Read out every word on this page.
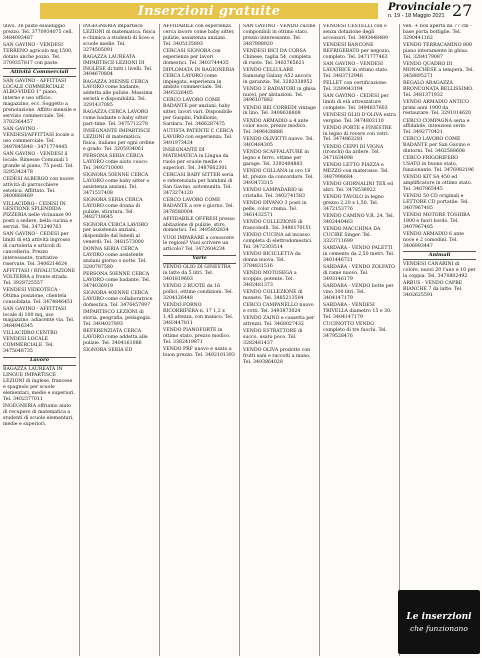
Inserzioni gratuite	Provinciale
n. 19 - 18 Maggio 2021 27

ulivo, 36 paste esaudiggio prezzo. Tel. 3770934075 cell. 3484093487

SAN GAVINO - VENDESI TERRENO agricolo mq 1500, dotato anche pozzo. Tel. 3709357817 con paste.

Attività Commerciali

SAN GAVINO - AFFITTASI LOCALE COMMERCIALE ALBO-VIDEO 1° piano, interno e uso ufficio, magazzino, ecc. Soggetto a prenotazione. Affitto mensile e servizio commerciale. Tel. 3702364457

SAN GAVINO - VENDESI/AFFITTASI locale a uso commerciale. Tel. 3487845848 - 3471774445

SAN GAVINO - VENDESI il locale. Rimesse Comunali 1 grande al piano, 75 posti. Tel. 3295342478

CEDESI ALBERGO con nuove attività di parrucchiere estetica. Affittato. Tel. 3400868469

VILLACIDRO - CEDESI IN GESTIONE SPLENDIDA PIZZERIA nelle vicinanze 90 posti a sedere, bella cucina e servizi. Tel. 3472240763

SAN GAVINO - CEDESI per limiti di età attività ingrosso di cartoleria e articoli di cancelleria. Prezzo interessante, trattative riservate. Tel. 3406214624

AFFITTASI / RIVALUTAZIONE VOLTERRA a fronte strada. Tel. 3928725557

VENDESI VIDEOTECA - Ottima posizione, clientela consolidata. Tel. 3474846451

SAN GAVINO - AFFITTASI locale di 100 mq, uso magazzino, adiacente via. Tel. 3484946345

VILLACIDRO CENTRO VENDESI LOCALE COMMERCIALE. Tel. 3475048735

Lavoro

RAGAZZA LAUREATA IN LINGUE IMPARTISCE LEZIONI di inglese, francese e spagnolo per scuole elementari, medie e superiori. Tel. 3402377011

INGEGNERIA offriamo aiuto di recupero di matematica a studenti di scuole elementari, medie e superiori.

INGEGNERIA impartisce LEZIONI di matematica, fisica e chimica a studenti di liceo e scuole medie. Tel. 3274505091

RAGAZZA LAUREATA IMPARTISCE LEZIONI DI INGLESE di tutti i livelli. Tel. 3494670804

RAGAZZA 30ENNE CERCA LAVORO come badante, addetta alle pulizie. Massima serietà e disponibilità. Tel. 3291437085

RAGAZZA CERCA LAVORO come badante o baby sitter part-time. Tel. 3475712278

INSEGNANTE IMPARTISCE LEZIONI di matematica, fisica, italiano per ogni ordine e grado. Tel. 3205934061

PERSONA SERIA CERCA LAVORO come aiuto cuoco. Tel. 3492710000

SIGNORA 50ENNE CERCA LAVORO come baby sitter o assistenza anziani. Tel. 3471537408

SIGNORA SERIA CERCA LAVORO come donna di pulizie, stiratura. Tel. 3482718645

SIGNORA CERCA LAVORO per assistenza anziani, disponibile dal lunedì al venerdì. Tel. 3481573000

DONNA SERIA CERCA LAVORO come assistente anziani giorno o notte. Tel. 3280787580

PERSONA 50ENNE CERCA LAVORO come badante. Tel. 3474036919

SIGNORA 40ENNE CERCA LAVORO come collaboratrice domestica. Tel. 3476457897

IMPARTISCO LEZIONI di storia, geografia, pedagogia. Tel. 3404037893

REFERENZIATA CERCA LAVORO come addetta alle pulizie. Tel. 3404161086

SIGNORA SERIA ED

AFFIDABILE con esperienza cerca lavoro come baby sitter, pulizie, assistenza anziani. Tel. 3405135893

CERCASI SIGNORA con esperienza per lavori domestici. Tel. 3403744435

DIPLOMATA IN RAGIONERIA CERCA LAVORO come impiegata, esperienza in ambito commerciale. Tel. 3495326405

CERCO LAVORO COME BADANTE per anziani, baby sitter, lavori vari. Disponibile per Guspini, Pabillonis, Sardara. Tel. 3466287475

AUTISTA PATENTE C CERCA LAVORO con esperienza. Tel. 3491973424

INSEGNANTE DI MATEMATICA in Lingua da ruolo per scuole medie e superiori. Tel. 3487662301

CERCASI BABY SITTER seria e referenziata per bambini di San Gavino, automunita. Tel. 3473274120

CERCO LAVORO COME BADANTE a ore o giorno. Tel. 3478580004

AFFIDABILE OFFRESI presso abitazione di pulizie, stiro, domestici. Tel. 3495802834

VUOI IMPARARE a conoscere le regioni? Vuoi scrivere un articolo? Tel. 3472604234

Varie

VENDO OLIO DI GINESTRA in latte da 5 litri. Tel. 3401819603

VENDO 2 RUOTE da 16 pollici, ottime condizioni. Tel. 3204126448

VENDO FORNO RICORRIFERA n. 17 1,2 x 1,45 altezza, con manico. Tel. 3483447811

VENDO PIANOFORTE in ottimo stato, prezzo modico. Tel. 3382419871

VENDO PRF nuovo e usato a buon prezzo. Tel. 3492101393

SAN GAVINO - VENDO cucine componibili in ottimo stato, prezzo interessante. Tel. 3487898920

VENDESI BICI DA CORSA Chinese, taglia 54, completa di ruote. Tel. 3483765621

VENDO CELLULARE Samsung Galaxy A52 ancora in garanzia. Tel. 3282338952

VENDO 2 RADIATORI in ghisa nuovi, per abitazioni. Tel. 3496107882

VENDO BEI CORREDI vintage in lino. Tel. 3408638808

VENDO ARMADIO a 4 ante color noce, prezzo modico. Tel. 3496438886

VENDO OLIVETTI nuovo. Tel. 3403484305

VENDO SCAFFALATURE in legno e ferro, ottime per garage. Tel. 3392404883

VENDO COLLANA in oro 18 kt, prezzo da concordare. Tel. 3493473315

VENDO LAMPADARIO in cristallo. Tel. 3402741583

VENDO DIVANO 3 posti in pelle, color crema. Tel. 3461432571

VENDO COLLEZIONE di francobolli. Tel. 3486170151

VENDO CUCINA ad incasso completa di elettrodomestici. Tel. 3472303514

VENDO BICICLETTA da donna nuova. Tel. 3784831516

VENDO MOTOSEGA a scoppio, potente. Tel. 3402481373

VENDO COLLEZIONE di monete. Tel. 3485213504

CERCO CAMPANELLO nuovo e rotti. Tel. 3493873024

VENDO ZAINO e cassetta per attrezzi. Tel. 3468027432

VENDO ESTRATTORE di succo, usato poco. Tel. 3282481437

VENDO OLIVA prodotto con frutti sani e raccolti a mano. Tel. 3493864028

VENDESI CESTELLI con o senza dotazione degli accessori. Tel. 3493448489

VENDESI BANCONE REFRIGERATO per negozio, completo. Tel. 3471777463

SAN GAVINO - VENDESI LAVATRICE in ottimo stato. Tel. 3483712946

PELLET con certificazione. Tel. 3289043194

SAN GAVINO - CEDESI per limiti di età attrezzature complete. Tel. 3494837603

VENDESI OLIO D'OLIVA extra vergine. Tel. 3474803110

VENDO PORTE e FINESTRE in legno di rovere con vetri. Tel. 3474863281

VENDO CEPPI DI VIGNA (tronchi) da ardere. Tel. 3471834898

VENDO LETTO PIAZZA e MEZZO con materasso. Tel. 3487998684

VENDO GIORNALINI TEX ed altri. Tel. 3478538922

VENDO TAVOLO in legno grezzo 2,20 x 1,50. Tel. 3472153776

VENDO CAMINO V.R. 24. Tel. 3402440463

VENDO MACCHINA DA CUCIRE Singer. Tel. 3323711699

SARDARA - VENDO PALETTI in cemento da 2,50 metri. Tel. 3401446721

SARDARA - VENDO ZOLFATO di rame nuovo. Tel. 3493146179

SARDARA - VENDO botte per vino 300 litri. Tel. 3404147179

SARDARA - VENDESI TRIVELLA diametro 15 e 30. Tel. 3404147179

CUCINOTTO VENDO completo di tre fuochi. Tel. 3479528476

ven. + box aperta da 77 cm - base porta bottiglie. Tel. 3290441162

VENDO TERRACAMINO 800 piano interamente in ghisa. Tel. 3284179087

VENDO QUADRO DI MONACHESE a tempera. Tel. 3458895271

REGALO ARAGAZZA BRONCONATA BELLISSIMO. Tel. 3481371932

VENDO ARMADIO ANTICO primi anni 1900 da restaurare. Tel. 3291014620

CERCO COMPAGNA seria e affidabile, intenzioni serie. Tel. 3492770421

CERCO LAVORO COME BADANTE per San Gavino e dintorni. Tel. 3402588608

CERCO FRIGORIFERO USATO in buono stato, funzionante. Tel. 3476982196

VENDO KIT SA 450 ed amplificatore in ottimo stato. Tel. 3407965445

VENDO 50 CD originali e LETTORE CD portatile. Tel. 3407967485

VENDO MOTORE TOSHIBA 1800 e fuori bordo. Tel. 3407967485

VENDO ARMADIO 6 ante noce e 2 comodini. Tel. 3406993447

Animali

VENDESI CANARINI di colore, nuovi 20 l'uno e 10 per la coppia. Tel. 3470802492

ARBUS - VENDO CAPRE BIANCHE 7 da latte. Tel. 3402625591

Le inserzioni
che funzionano
